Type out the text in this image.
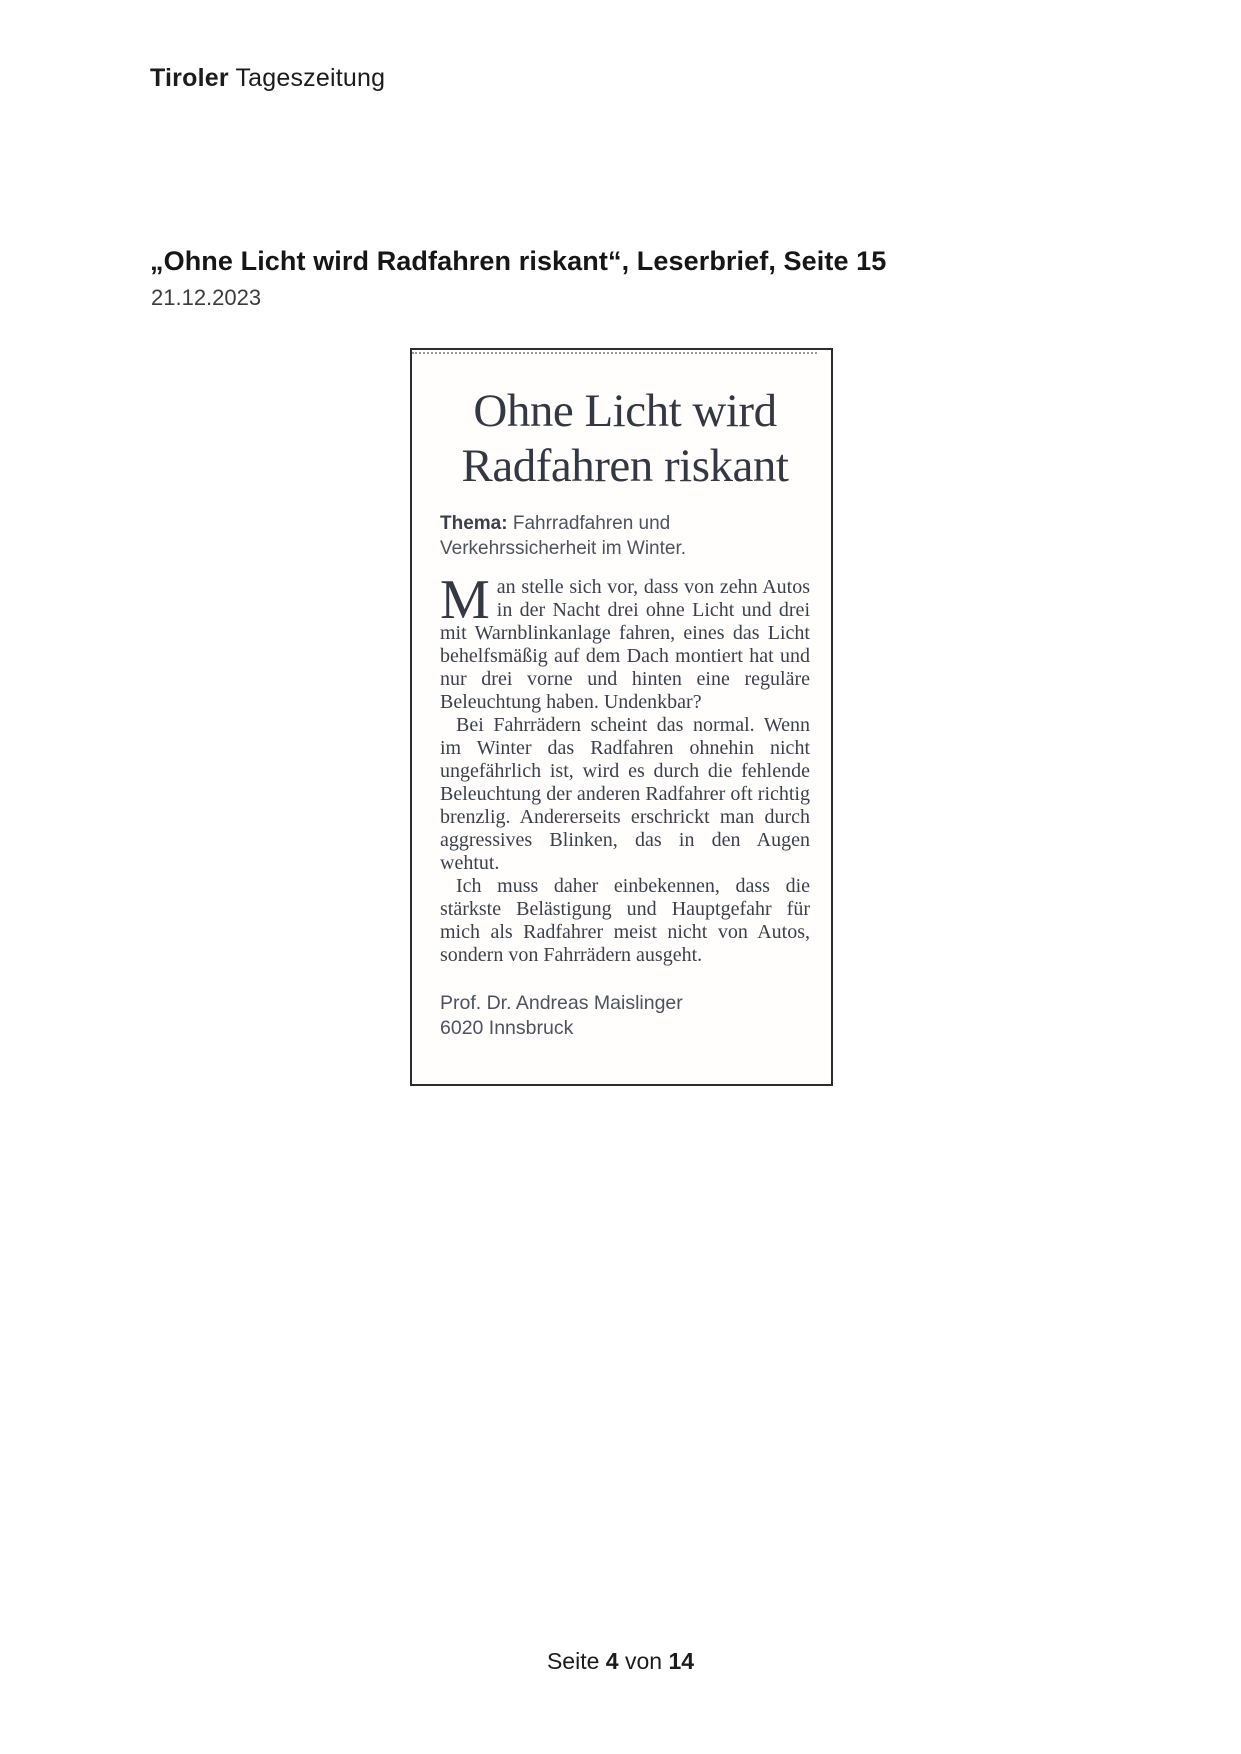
Tiroler Tageszeitung
„Ohne Licht wird Radfahren riskant“, Leserbrief, Seite 15
21.12.2023
Ohne Licht wird
Radfahren riskant
Thema: Fahrradfahren und Verkehrssicherheit im Winter.

Man stelle sich vor, dass von zehn Autos in der Nacht drei ohne Licht und drei mit Warnblinkanlage fahren, eines das Licht behelfsmäßig auf dem Dach montiert hat und nur drei vorne und hinten eine reguläre Beleuchtung haben. Undenkbar?

Bei Fahrrädern scheint das normal. Wenn im Winter das Radfahren ohnehin nicht ungefährlich ist, wird es durch die fehlende Beleuchtung der anderen Radfahrer oft richtig brenzlig. Andererseits erschrickt man durch aggressives Blinken, das in den Augen wehtut.

Ich muss daher einbekennen, dass die stärkste Belästigung und Hauptgefahr für mich als Radfahrer meist nicht von Autos, sondern von Fahrrädern ausgeht.

Prof. Dr. Andreas Maislinger
6020 Innsbruck
Seite 4 von 14
